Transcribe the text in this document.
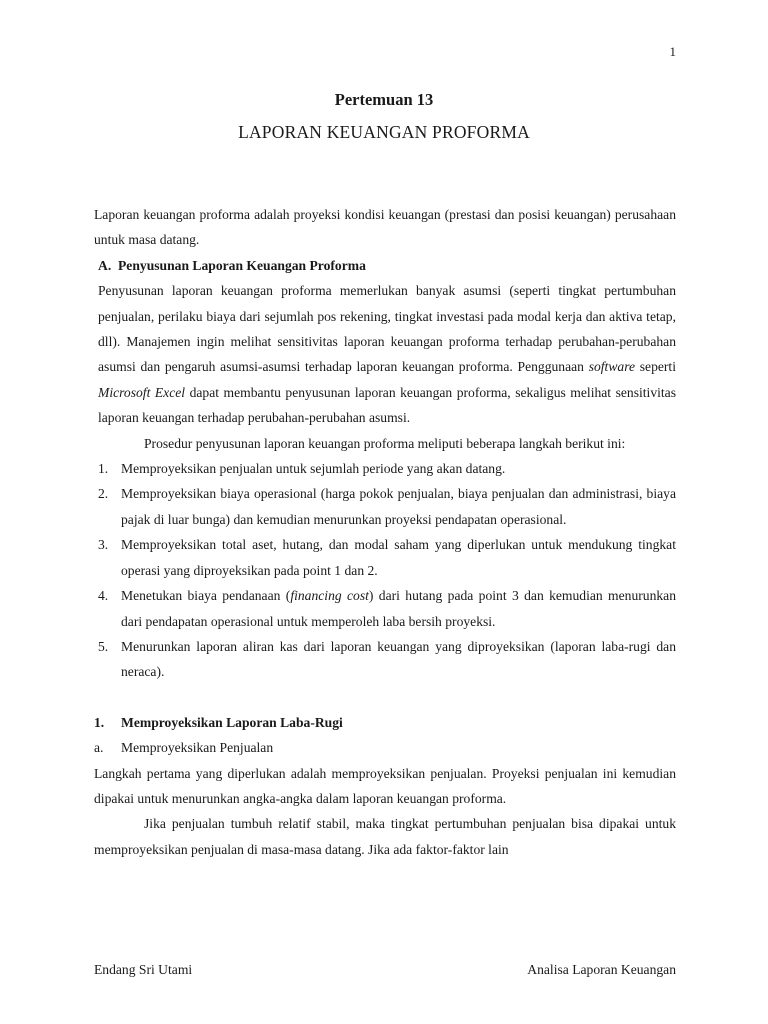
1
Pertemuan 13
LAPORAN KEUANGAN PROFORMA

Laporan keuangan proforma adalah proyeksi kondisi keuangan (prestasi dan posisi keuangan) perusahaan untuk masa datang.

A. Penyusunan Laporan Keuangan Proforma

Penyusunan laporan keuangan proforma memerlukan banyak asumsi (seperti tingkat pertumbuhan penjualan, perilaku biaya dari sejumlah pos rekening, tingkat investasi pada modal kerja dan aktiva tetap, dll). Manajemen ingin melihat sensitivitas laporan keuangan proforma terhadap perubahan-perubahan asumsi dan pengaruh asumsi-asumsi terhadap laporan keuangan proforma. Penggunaan software seperti Microsoft Excel dapat membantu penyusunan laporan keuangan proforma, sekaligus melihat sensitivitas laporan keuangan terhadap perubahan-perubahan asumsi.

Prosedur penyusunan laporan keuangan proforma meliputi beberapa langkah berikut ini:

1. Memproyeksikan penjualan untuk sejumlah periode yang akan datang.
2. Memproyeksikan biaya operasional (harga pokok penjualan, biaya penjualan dan administrasi, biaya pajak di luar bunga) dan kemudian menurunkan proyeksi pendapatan operasional.
3. Memproyeksikan total aset, hutang, dan modal saham yang diperlukan untuk mendukung tingkat operasi yang diproyeksikan pada point 1 dan 2.
4. Menetukan biaya pendanaan (financing cost) dari hutang pada point 3 dan kemudian menurunkan dari pendapatan operasional untuk memperoleh laba bersih proyeksi.
5. Menurunkan laporan aliran kas dari laporan keuangan yang diproyeksikan (laporan laba-rugi dan neraca).
1. Memproyeksikan Laporan Laba-Rugi
a. Memproyeksikan Penjualan

Langkah pertama yang diperlukan adalah memproyeksikan penjualan. Proyeksi penjualan ini kemudian dipakai untuk menurunkan angka-angka dalam laporan keuangan proforma.

Jika penjualan tumbuh relatif stabil, maka tingkat pertumbuhan penjualan bisa dipakai untuk memproyeksikan penjualan di masa-masa datang. Jika ada faktor-faktor lain

Endang Sri Utami	Analisa Laporan Keuangan
